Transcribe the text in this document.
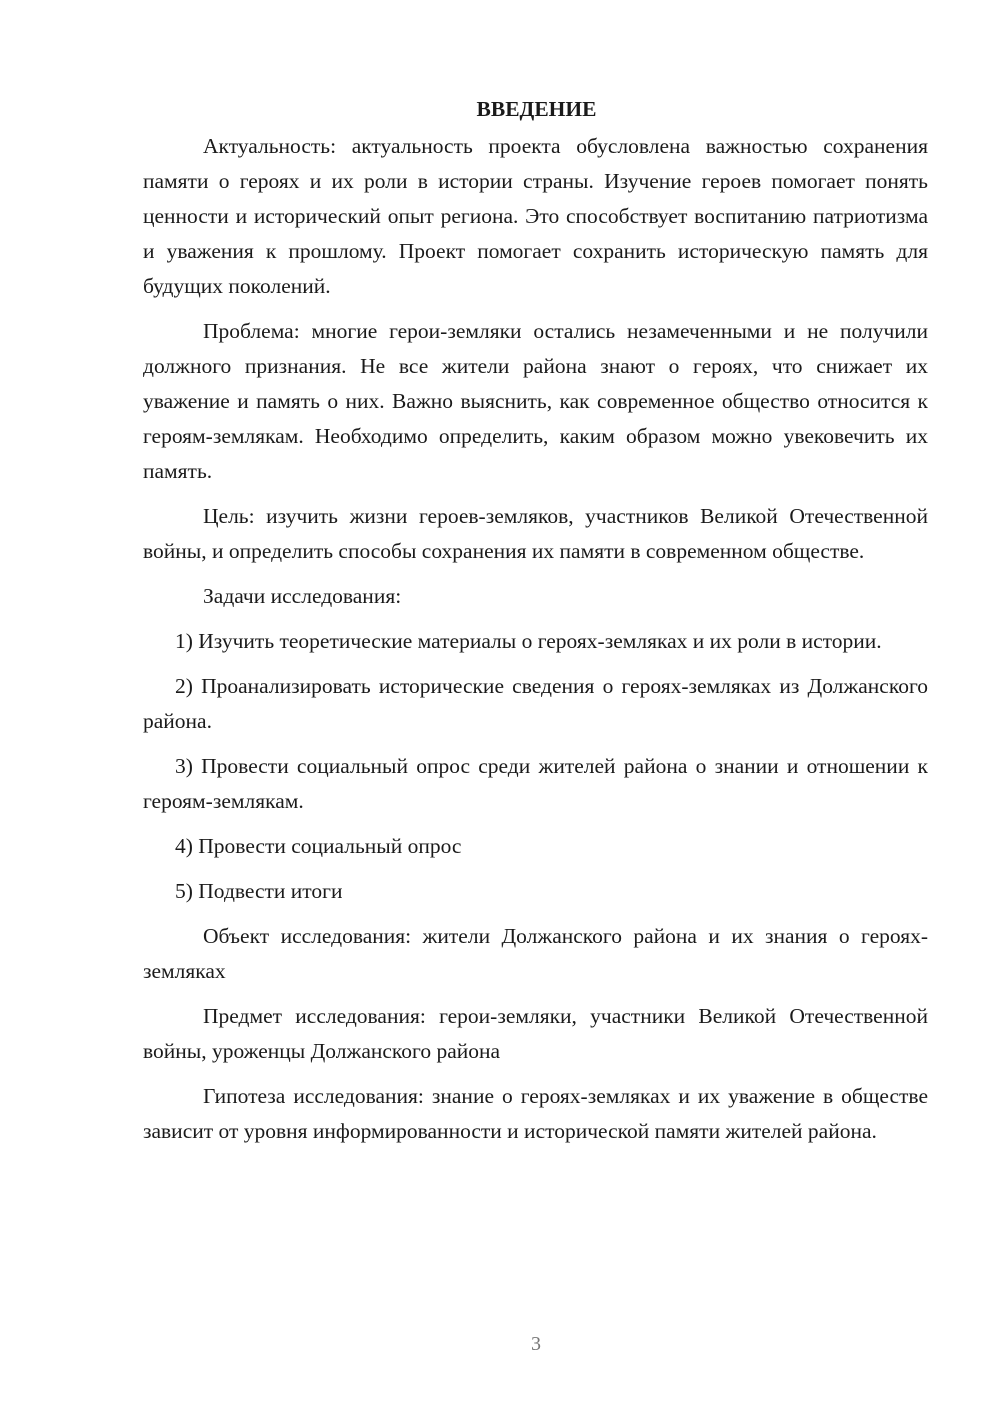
ВВЕДЕНИЕ

Актуальность: актуальность проекта обусловлена важностью сохранения памяти о героях и их роли в истории страны. Изучение героев помогает понять ценности и исторический опыт региона. Это способствует воспитанию патриотизма и уважения к прошлому. Проект помогает сохранить историческую память для будущих поколений.

Проблема: многие герои-земляки остались незамеченными и не получили должного признания. Не все жители района знают о героях, что снижает их уважение и память о них. Важно выяснить, как современное общество относится к героям-землякам. Необходимо определить, каким образом можно увековечить их память.

Цель: изучить жизни героев-земляков, участников Великой Отечественной войны, и определить способы сохранения их памяти в современном обществе.

Задачи исследования:

1) Изучить теоретические материалы о героях-земляках и их роли в истории.

2) Проанализировать исторические сведения о героях-земляках из Должанского района.

3) Провести социальный опрос среди жителей района о знании и отношении к героям-землякам.

4) Провести социальный опрос

5) Подвести итоги

Объект исследования: жители Должанского района и их знания о героях-земляках

Предмет исследования: герои-земляки, участники Великой Отечественной войны, уроженцы Должанского района

Гипотеза исследования: знание о героях-земляках и их уважение в обществе зависит от уровня информированности и исторической памяти жителей района.

3
